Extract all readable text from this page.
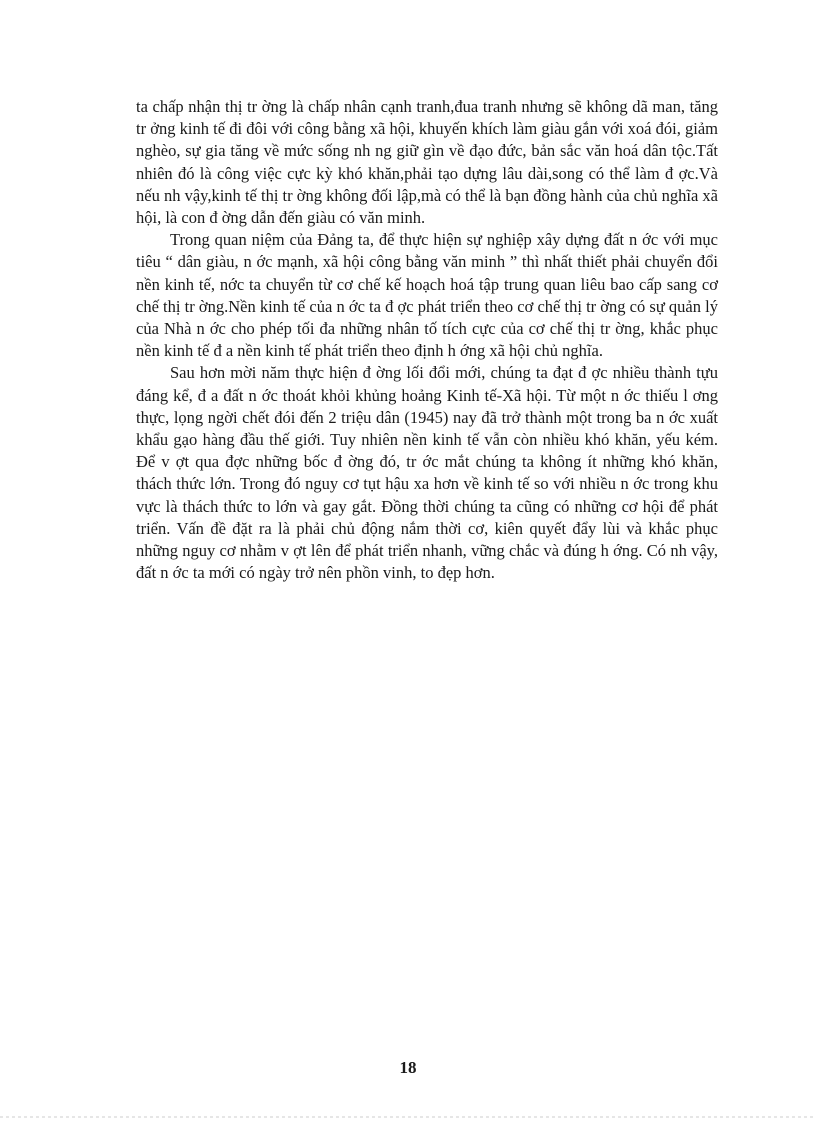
ta chấp nhận thị tr ờng là chấp nhân cạnh tranh,đua tranh nhưng sẽ không dã man, tăng tr ởng kinh tế đi đôi với công bằng xã hội, khuyến khích làm giàu gắn với xoá đói, giảm nghèo, sự gia tăng về mức sống nh ng giữ gìn về đạo đức, bản sắc văn hoá dân tộc.Tất nhiên đó là công việc cực kỳ khó khăn,phải tạo dựng lâu dài,song có thể làm đ ợc.Và nếu nh vậy,kinh tế thị tr ờng không đối lập,mà có thể là bạn đồng hành của chủ nghĩa xã hội, là con đ ờng dẫn đến giàu có văn minh.

Trong quan niệm của Đảng ta, để thực hiện sự nghiệp xây dựng đất n ớc với mục tiêu “ dân giàu, n ớc mạnh, xã hội công bằng văn minh ” thì nhất thiết phải chuyển đổi nền kinh tế, nớc ta chuyển từ cơ chế kế hoạch hoá tập trung quan liêu bao cấp sang cơ chế thị tr ờng.Nền kinh tế của n ớc ta đ ợc phát triển theo cơ chế thị tr ờng có sự quản lý của Nhà n ớc cho phép tối đa những nhân tố tích cực của cơ chế thị tr ờng, khắc phục nền kinh tế đ a nền kinh tế phát triển theo định h ớng xã hội chủ nghĩa.

Sau hơn mời năm thực hiện đ ờng lối đổi mới, chúng ta đạt đ ợc nhiều thành tựu đáng kể, đ a đất n ớc thoát khỏi khủng hoảng Kinh tế-Xã hội. Từ một n ớc thiếu l ơng thực, lọng ngời chết đói đến 2 triệu dân (1945) nay đã trở thành một trong ba n ớc xuất khẩu gạo hàng đầu thế giới. Tuy nhiên nền kinh tế vẫn còn nhiều khó khăn, yếu kém. Để v ợt qua đợc những bốc đ ờng đó, tr ớc mắt chúng ta không ít những khó khăn, thách thức lớn. Trong đó nguy cơ tụt hậu xa hơn về kinh tế so với nhiều n ớc trong khu vực là thách thức to lớn và gay gắt. Đồng thời chúng ta cũng có những cơ hội để phát triển. Vấn đề đặt ra là phải chủ động nắm thời cơ, kiên quyết đẩy lùi và khắc phục những nguy cơ nhằm v ợt lên để phát triển nhanh, vững chắc và đúng h ớng. Có nh vậy, đất n ớc ta mới có ngày trở nên phồn vinh, to đẹp hơn.

18
